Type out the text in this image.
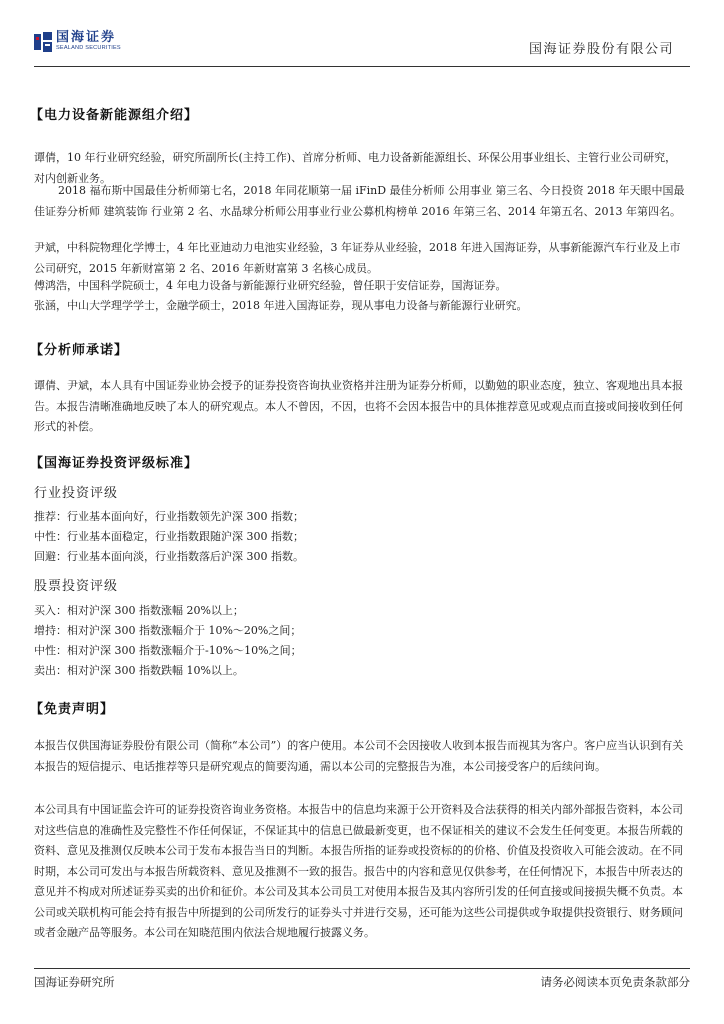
国海证券
SEALAND SECURITIES	国海证券股份有限公司
【电力设备新能源组介绍】
谭倩，10 年行业研究经验，研究所副所长(主持工作)、首席分析师、电力设备新能源组长、环保公用事业组长、主管行业公司研究，对内创新业务。
2018 福布斯中国最佳分析师第七名，2018 年同花顺第一届 iFinD 最佳分析师 公用事业 第三名、今日投资 2018 年天眼中国最佳证券分析师 建筑装饰 行业第 2 名、水晶球分析师公用事业行业公募机构榜单 2016 年第三名、2014 年第五名、2013 年第四名。
尹斌，中科院物理化学博士，4 年比亚迪动力电池实业经验，3 年证券从业经验，2018 年进入国海证券，从事新能源汽车行业及上市公司研究，2015 年新财富第 2 名、2016 年新财富第 3 名核心成员。
傅鸿浩，中国科学院硕士，4 年电力设备与新能源行业研究经验，曾任职于安信证券，国海证券。
张涵，中山大学理学学士，金融学硕士，2018 年进入国海证券，现从事电力设备与新能源行业研究。
【分析师承诺】
谭倩、尹斌，本人具有中国证券业协会授予的证券投资咨询执业资格并注册为证券分析师，以勤勉的职业态度，独立、客观地出具本报告。本报告清晰准确地反映了本人的研究观点。本人不曾因，不因，也将不会因本报告中的具体推荐意见或观点而直接或间接收到任何形式的补偿。
【国海证券投资评级标准】
行业投资评级
推荐：行业基本面向好，行业指数领先沪深 300 指数；
中性：行业基本面稳定，行业指数跟随沪深 300 指数；
回避：行业基本面向淡，行业指数落后沪深 300 指数。
股票投资评级
买入：相对沪深 300 指数涨幅 20%以上；
增持：相对沪深 300 指数涨幅介于 10%～20%之间；
中性：相对沪深 300 指数涨幅介于-10%～10%之间；
卖出：相对沪深 300 指数跌幅 10%以上。
【免责声明】
本报告仅供国海证券股份有限公司（简称“本公司”）的客户使用。本公司不会因接收人收到本报告而视其为客户。客户应当认识到有关本报告的短信提示、电话推荐等只是研究观点的简要沟通，需以本公司的完整报告为准，本公司接受客户的后续问询。
本公司具有中国证监会许可的证券投资咨询业务资格。本报告中的信息均来源于公开资料及合法获得的相关内部外部报告资料，本公司对这些信息的准确性及完整性不作任何保证，不保证其中的信息已做最新变更，也不保证相关的建议不会发生任何变更。本报告所载的资料、意见及推测仅反映本公司于发布本报告当日的判断。本报告所指的证券或投资标的的价格、价值及投资收入可能会波动。在不同时期，本公司可发出与本报告所载资料、意见及推测不一致的报告。报告中的内容和意见仅供参考，在任何情况下，本报告中所表达的意见并不构成对所述证券买卖的出价和征价。本公司及其本公司员工对使用本报告及其内容所引发的任何直接或间接损失概不负责。本公司或关联机构可能会持有报告中所提到的公司所发行的证券头寸并进行交易，还可能为这些公司提供或争取提供投资银行、财务顾问或者金融产品等服务。本公司在知晓范围内依法合规地履行披露义务。
国海证券研究所	请务必阅读本页免责条款部分
